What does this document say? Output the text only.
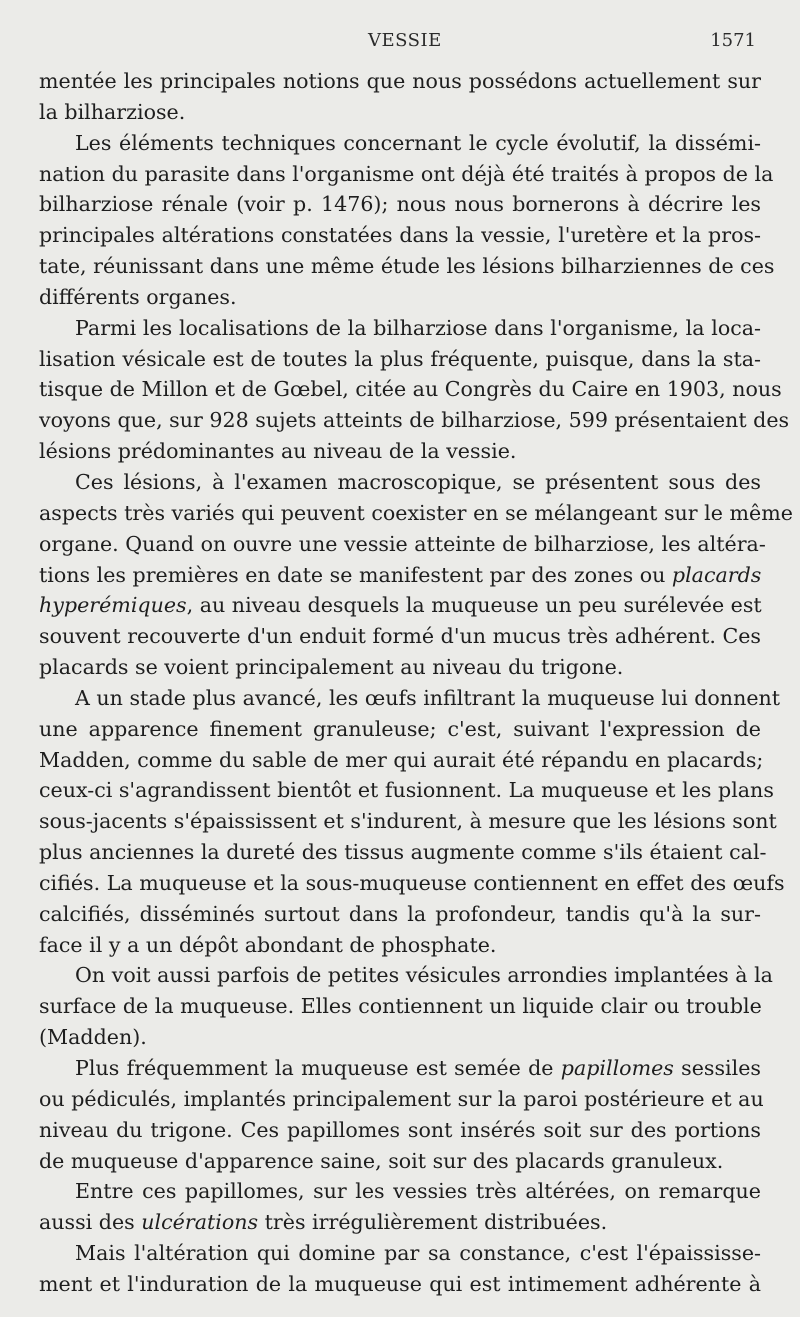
VESSIE	1571
mentée les principales notions que nous possédons actuellement sur
la bilharziose.
Les éléments techniques concernant le cycle évolutif, la dissémi-
nation du parasite dans l'organisme ont déjà été traités à propos de la
bilharziose rénale (voir p. 1476); nous nous bornerons à décrire les
principales altérations constatées dans la vessie, l'uretère et la pros-
tate, réunissant dans une même étude les lésions bilharziennes de ces
différents organes.
Parmi les localisations de la bilharziose dans l'organisme, la loca-
lisation vésicale est de toutes la plus fréquente, puisque, dans la sta-
tisque de Millon et de Gœbel, citée au Congrès du Caire en 1903, nous
voyons que, sur 928 sujets atteints de bilharziose, 599 présentaient des
lésions prédominantes au niveau de la vessie.
Ces lésions, à l'examen macroscopique, se présentent sous des
aspects très variés qui peuvent coexister en se mélangeant sur le même
organe. Quand on ouvre une vessie atteinte de bilharziose, les altéra-
tions les premières en date se manifestent par des zones ou placards
hyperémiques, au niveau desquels la muqueuse un peu surélevée est
souvent recouverte d'un enduit formé d'un mucus très adhérent. Ces
placards se voient principalement au niveau du trigone.
A un stade plus avancé, les œufs infiltrant la muqueuse lui donnent
une apparence finement granuleuse; c'est, suivant l'expression de
Madden, comme du sable de mer qui aurait été répandu en placards;
ceux-ci s'agrandissent bientôt et fusionnent. La muqueuse et les plans
sous-jacents s'épaississent et s'indurent, à mesure que les lésions sont
plus anciennes la dureté des tissus augmente comme s'ils étaient cal-
cifiés. La muqueuse et la sous-muqueuse contiennent en effet des œufs
calcifiés, disséminés surtout dans la profondeur, tandis qu'à la sur-
face il y a un dépôt abondant de phosphate.
On voit aussi parfois de petites vésicules arrondies implantées à la
surface de la muqueuse. Elles contiennent un liquide clair ou trouble
(Madden).
Plus fréquemment la muqueuse est semée de papillomes sessiles
ou pédiculés, implantés principalement sur la paroi postérieure et au
niveau du trigone. Ces papillomes sont insérés soit sur des portions
de muqueuse d'apparence saine, soit sur des placards granuleux.
Entre ces papillomes, sur les vessies très altérées, on remarque
aussi des ulcérations très irrégulièrement distribuées.
Mais l'altération qui domine par sa constance, c'est l'épaississe-
ment et l'induration de la muqueuse qui est intimement adhérente à
